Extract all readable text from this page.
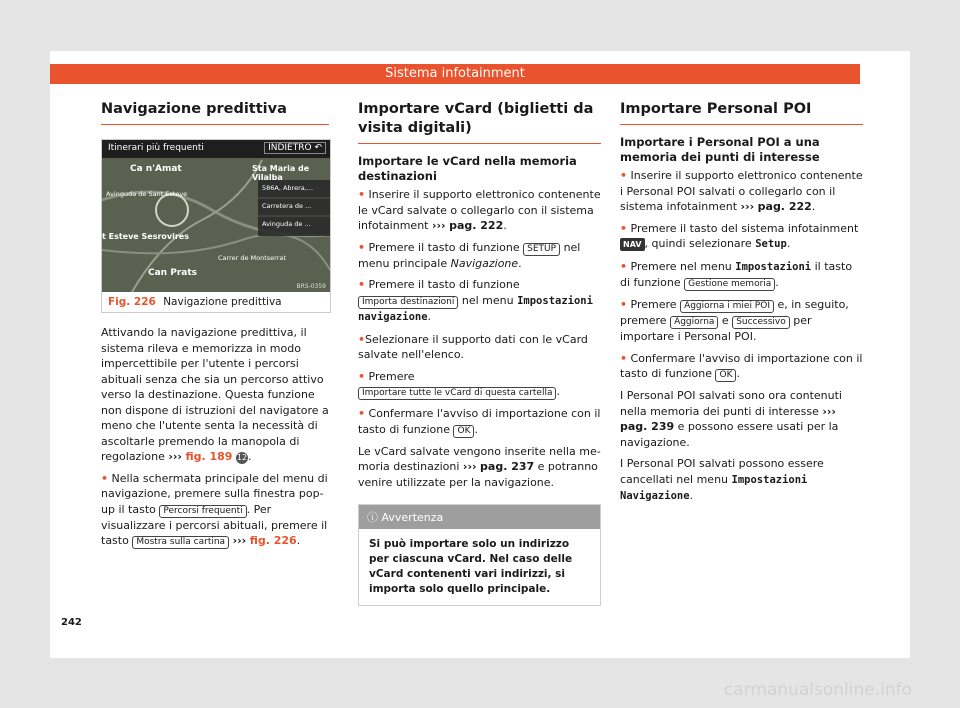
Sistema infotainment
Navigazione predittiva
Itinerari più frequenti	INDIETRO ↶
Ca n'Amat	Sta Maria de Vilalba
Avinguda de Sant Esteve
t Esteve Sesrovires
Can Prats
Carrer de Montserrat
586A, Abrera,...
Carretera de ...
Avinguda de ...
BRS-0359
Fig. 226 Navigazione predittiva

Attivando la navigazione predittiva, il sistema rileva e memorizza in modo impercettibile per l'utente i percorsi abituali senza che sia un percorso attivo verso la destinazione. Questa funzione non dispone di istruzioni del navigatore a meno che l'utente senta la necessità di ascoltarle premendo la manopola di regolazione ››› fig. 189 12.

• Nella schermata principale del menu di navigazione, premere sulla finestra pop-up il tasto Percorsi frequenti . Per visualizzare i percorsi abituali, premere il tasto Mostra sulla cartina ››› fig. 226.

Importare vCard (biglietti da visita digitali)
Importare le vCard nella memoria destinazioni

• Inserire il supporto elettronico contenente le vCard salvate o collegarlo con il sistema infotainment ››› pag. 222.

• Premere il tasto di funzione SETUP nel menu principale Navigazione.

• Premere il tasto di funzione
Importa destinazioni nel menu Impostazioni navigazione.

• Selezionare il supporto dati con le vCard salvate nell'elenco.

• Premere
Importare tutte le vCard di questa cartella .

• Confermare l'avviso di importazione con il tasto di funzione OK .

Le vCard salvate vengono inserite nella memoria destinazioni ››› pag. 237 e potranno venire utilizzate per la navigazione.

ⓘ Avvertenza
Si può importare solo un indirizzo per ciascuna vCard. Nel caso delle vCard contenenti vari indirizzi, si importa solo quello principale.
Importare Personal POI
Importare i Personal POI a una memoria dei punti di interesse

• Inserire il supporto elettronico contenente i Personal POI salvati o collegarlo con il sistema infotainment ››› pag. 222.

• Premere il tasto del sistema infotainment NAV , quindi selezionare Setup.

• Premere nel menu Impostazioni il tasto di funzione Gestione memoria .

• Premere Aggiorna i miei POI e, in seguito, premere Aggiorna e Successivo per importare i Personal POI.

• Confermare l'avviso di importazione con il tasto di funzione OK .

I Personal POI salvati sono ora contenuti nella memoria dei punti di interesse ››› pag. 239 e possono essere usati per la navigazione.

I Personal POI salvati possono essere cancellati nel menu Impostazioni Navigazione.

242
carmanualsonline.info
